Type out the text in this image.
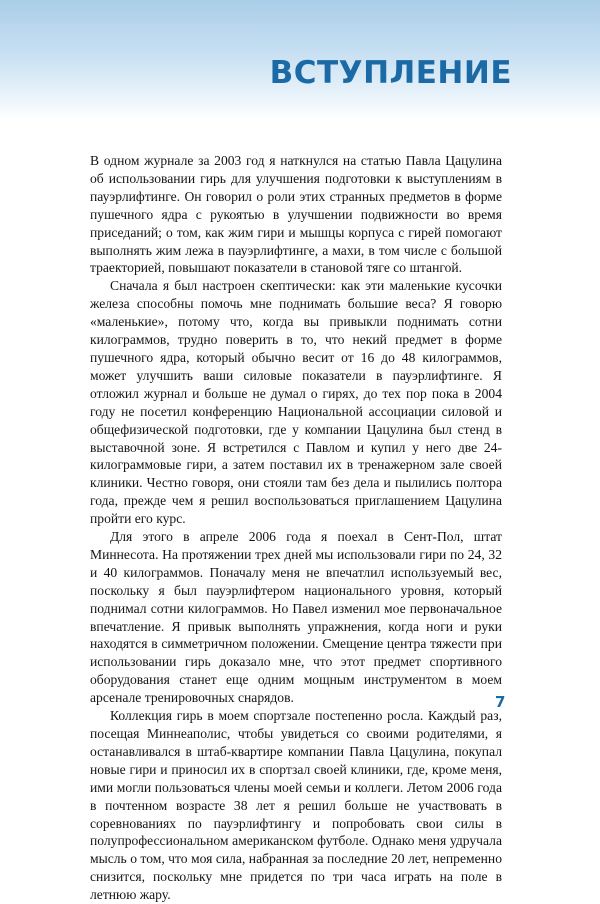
ВСТУПЛЕНИЕ

В одном журнале за 2003 год я наткнулся на статью Павла Цацулина об использовании гирь для улучшения подготовки к выступлениям в пауэрлифтинге. Он говорил о роли этих странных предметов в форме пушечного ядра с рукоятью в улучшении подвижности во время приседаний; о том, как жим гири и мышцы корпуса с гирей помогают выполнять жим лежа в пауэрлифтинге, а махи, в том числе с большой траекторией, повышают показатели в становой тяге со штангой.

Сначала я был настроен скептически: как эти маленькие кусочки железа способны помочь мне поднимать большие веса? Я говорю «маленькие», потому что, когда вы привыкли поднимать сотни килограммов, трудно поверить в то, что некий предмет в форме пушечного ядра, который обычно весит от 16 до 48 килограммов, может улучшить ваши силовые показатели в пауэрлифтинге. Я отложил журнал и больше не думал о гирях, до тех пор пока в 2004 году не посетил конференцию Национальной ассоциации силовой и общефизической подготовки, где у компании Цацулина был стенд в выставочной зоне. Я встретился с Павлом и купил у него две 24-килограммовые гири, а затем поставил их в тренажерном зале своей клиники. Честно говоря, они стояли там без дела и пылились полтора года, прежде чем я решил воспользоваться приглашением Цацулина пройти его курс.

Для этого в апреле 2006 года я поехал в Сент-Пол, штат Миннесота. На протяжении трех дней мы использовали гири по 24, 32 и 40 килограммов. Поначалу меня не впечатлил используемый вес, поскольку я был пауэрлифтером национального уровня, который поднимал сотни килограммов. Но Павел изменил мое первоначальное впечатление. Я привык выполнять упражнения, когда ноги и руки находятся в симметричном положении. Смещение центра тяжести при использовании гирь доказало мне, что этот предмет спортивного оборудования станет еще одним мощным инструментом в моем арсенале тренировочных снарядов.

Коллекция гирь в моем спортзале постепенно росла. Каждый раз, посещая Миннеаполис, чтобы увидеться со своими родителями, я останавливался в штаб-квартире компании Павла Цацулина, покупал новые гири и приносил их в спортзал своей клиники, где, кроме меня, ими могли пользоваться члены моей семьи и коллеги. Летом 2006 года в почтенном возрасте 38 лет я решил больше не участвовать в соревнованиях по пауэрлифтингу и попробовать свои силы в полупрофессиональном американском футболе. Однако меня удручала мысль о том, что моя сила, набранная за последние 20 лет, непременно снизится, поскольку мне придется по три часа играть на поле в летнюю жару.

7
